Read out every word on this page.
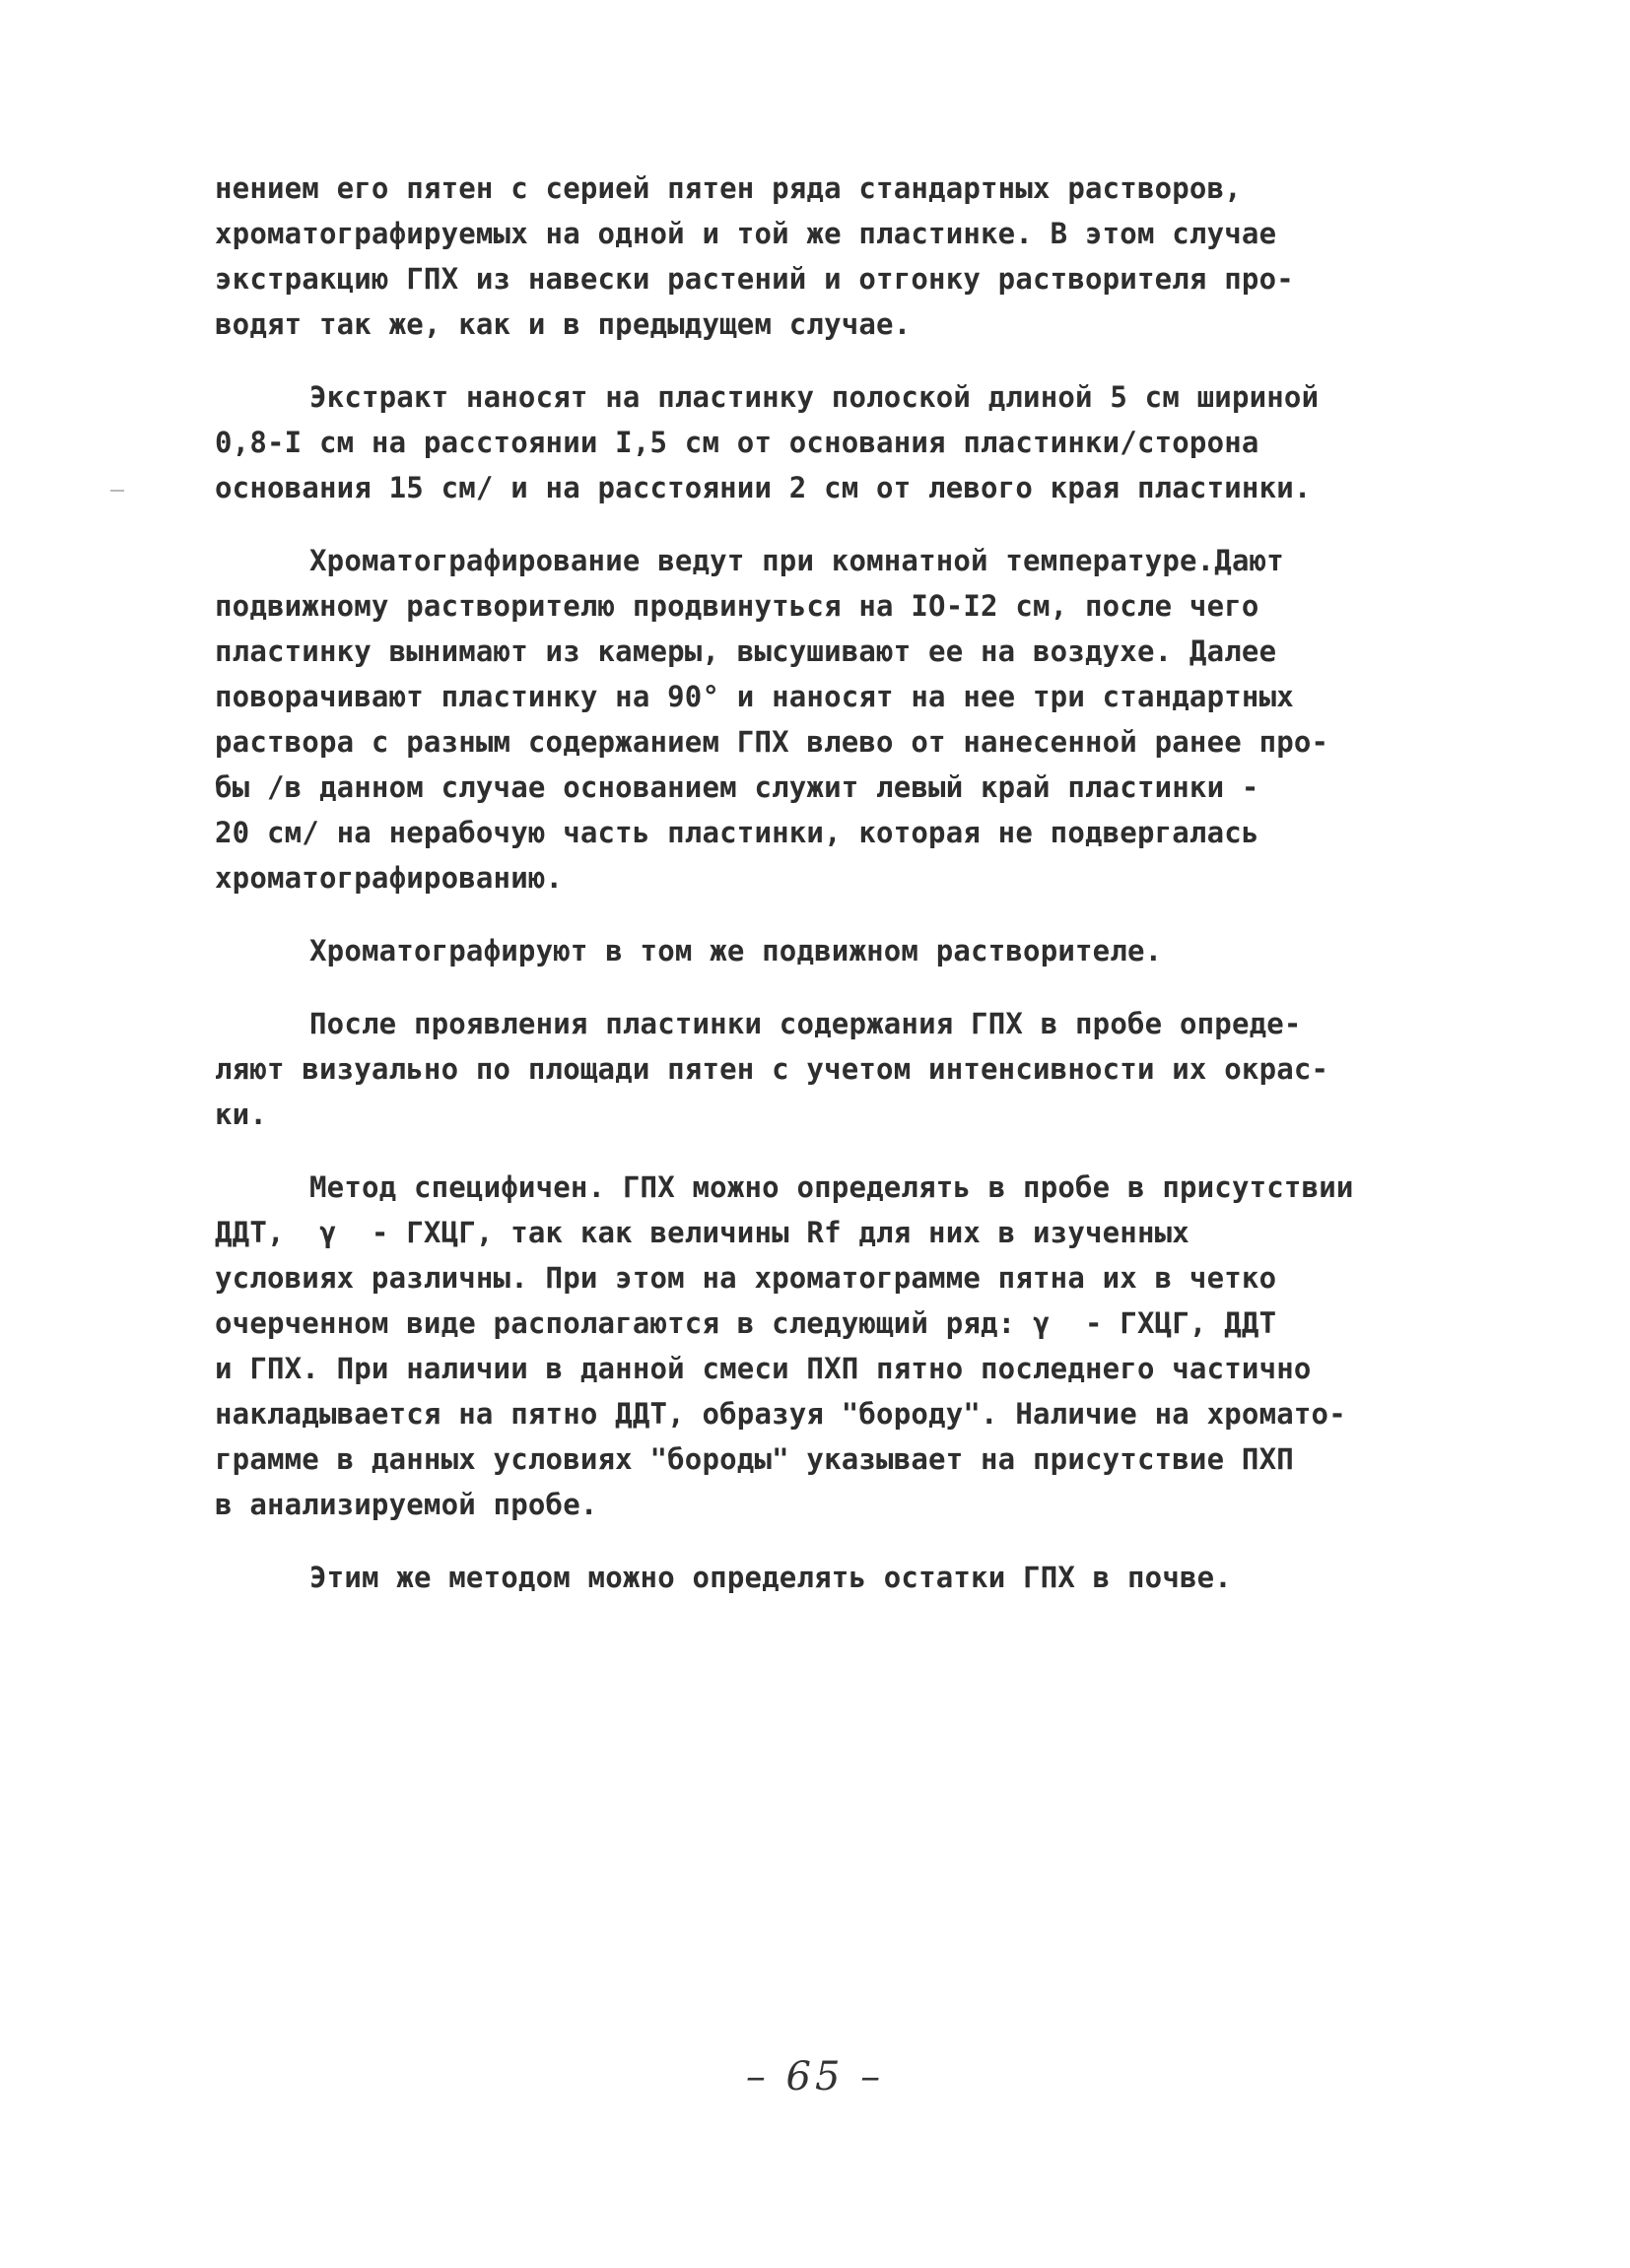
нением его пятен с серией пятен ряда стандартных растворов,
хроматографируемых на одной и той же пластинке. В этом случае
экстракцию ГПХ из навески растений и отгонку растворителя про-
водят так же, как и в предыдущем случае.
Экстракт наносят на пластинку полоской длиной 5 см шириной
0,8-I см на расстоянии I,5 см от основания пластинки/сторона
основания 15 см/ и на расстоянии 2 см от левого края пластинки.
Хроматографирование ведут при комнатной температуре.Дают
подвижному растворителю продвинуться на IO-I2 см, после чего
пластинку вынимают из камеры, высушивают ее на воздухе. Далее
поворачивают пластинку на 90° и наносят на нее три стандартных
раствора с разным содержанием ГПХ влево от нанесенной ранее про-
бы /в данном случае основанием служит левый край пластинки -
20 см/ на нерабочую часть пластинки, которая не подвергалась
хроматографированию.
Хроматографируют в том же подвижном растворителе.
После проявления пластинки содержания ГПХ в пробе опреде-
ляют визуально по площади пятен с учетом интенсивности их окрас-
ки.
Метод специфичен. ГПХ можно определять в пробе в присутствии
ДДТ,  γ  - ГХЦГ, так как величины Rf для них в изученных
условиях различны. При этом на хроматограмме пятна их в четко
очерченном виде располагаются в следующий ряд: γ  - ГХЦГ, ДДТ
и ГПХ. При наличии в данной смеси ПХП пятно последнего частично
накладывается на пятно ДДТ, образуя "бороду". Наличие на хромато-
грамме в данных условиях "бороды" указывает на присутствие ПХП
в анализируемой пробе.
Этим же методом можно определять остатки ГПХ в почве.
– 65 –
